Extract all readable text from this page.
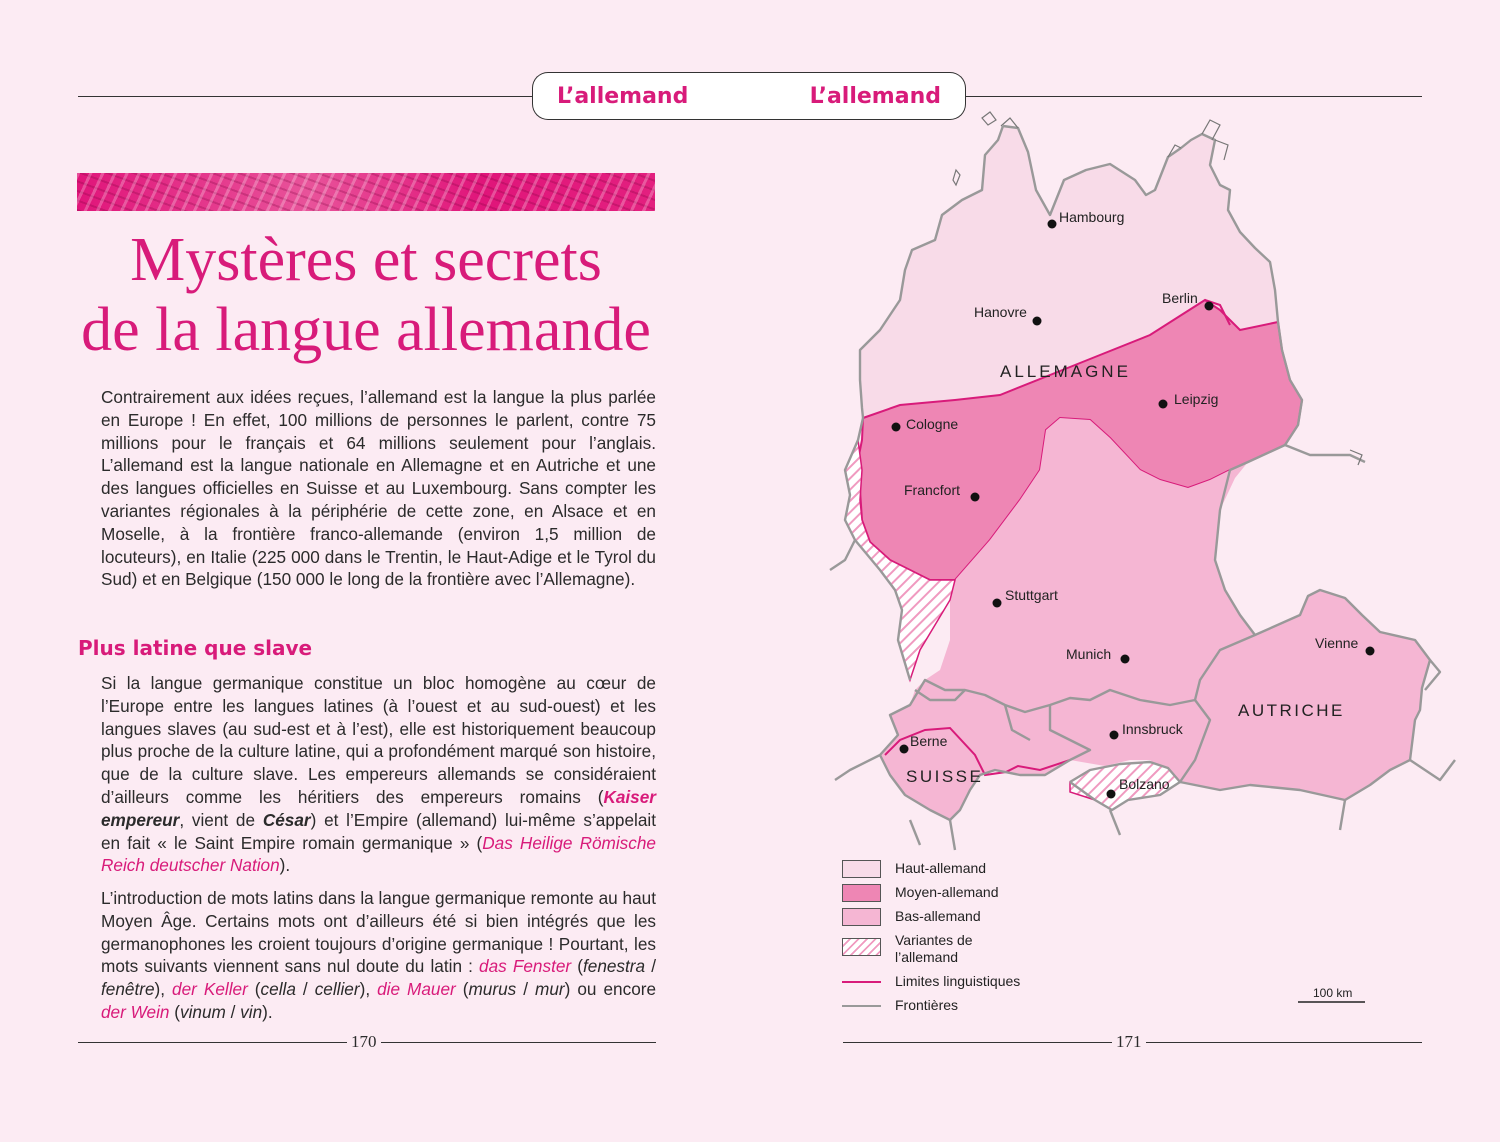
L’allemand	L’allemand
Mystères et secrets
de la langue allemande

Contrairement aux idées reçues, l’allemand est la langue la plus parlée en Europe ! En effet, 100 millions de personnes le parlent, contre 75 millions pour le français et 64 millions seulement pour l’anglais. L’allemand est la langue nationale en Allemagne et en Autriche et une des langues officielles en Suisse et au Luxembourg. Sans compter les variantes régionales à la périphérie de cette zone, en Alsace et en Moselle, à la frontière franco-allemande (environ 1,5 million de locuteurs), en Italie (225 000 dans le Trentin, le Haut-Adige et le Tyrol du Sud) et en Belgique (150 000 le long de la frontière avec l’Allemagne).

Plus latine que slave

Si la langue germanique constitue un bloc homogène au cœur de l’Europe entre les langues latines (à l’ouest et au sud-ouest) et les langues slaves (au sud-est et à l’est), elle est historiquement beaucoup plus proche de la culture latine, qui a profondément marqué son histoire, que de la culture slave. Les empereurs allemands se considéraient d’ailleurs comme les héritiers des empereurs romains (Kaiser empereur, vient de César) et l’Empire (allemand) lui-même s’appelait en fait « le Saint Empire romain germanique » (Das Heilige Römische Reich deutscher Nation).

L’introduction de mots latins dans la langue germanique remonte au haut Moyen Âge. Certains mots ont d’ailleurs été si bien intégrés que les germanophones les croient toujours d’origine germanique ! Pourtant, les mots suivants viennent sans nul doute du latin : das Fenster (fenestra / fenêtre), der Keller (cella / cellier), die Mauer (murus / mur) ou encore der Wein (vinum / vin).

170
ALLEMAGNE
AUTRICHE
SUISSE
Hambourg
Hanovre
Berlin
Leipzig
Cologne
Francfort
Stuttgart
Munich
Vienne
Innsbruck
Berne
Bolzano
100 km
Haut-allemand
Moyen-allemand
Bas-allemand
Variantes de
l’allemand
Limites linguistiques
Frontières
171
